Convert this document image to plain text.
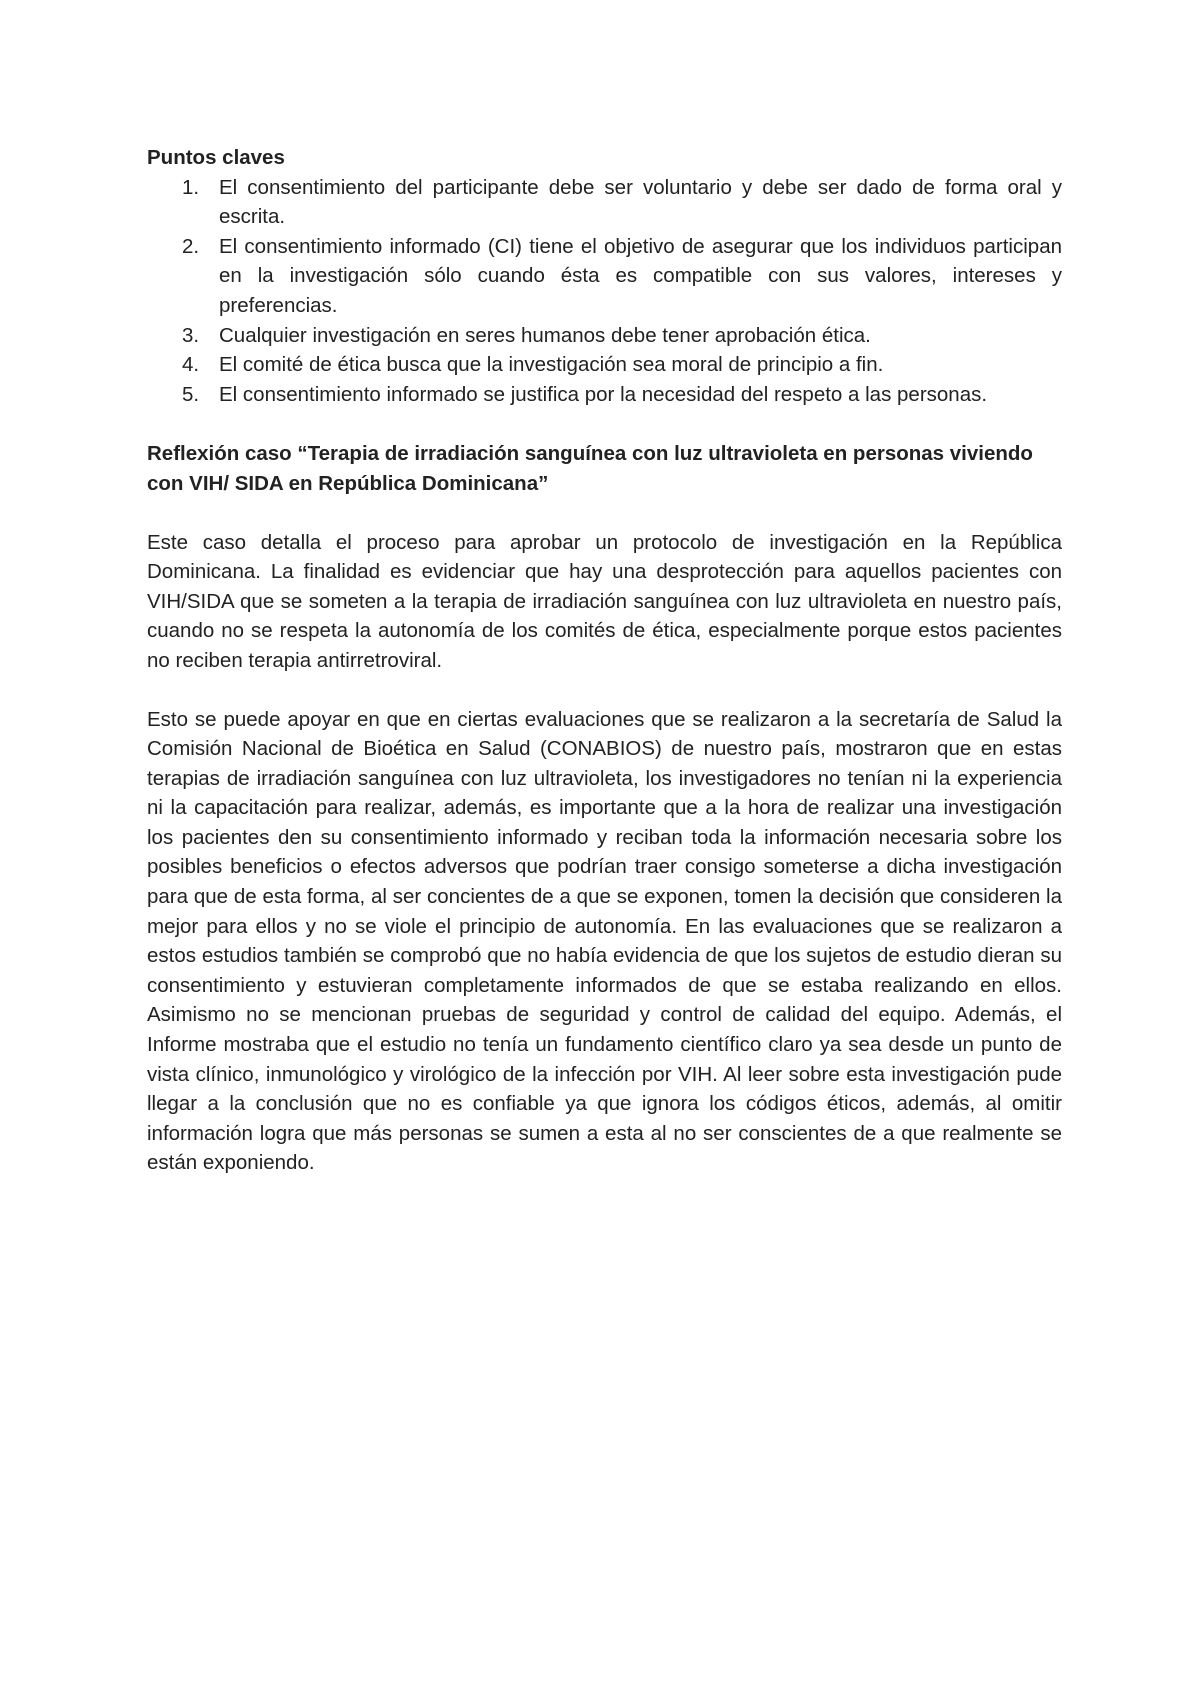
Puntos claves

1. El consentimiento del participante debe ser voluntario y debe ser dado de forma oral y escrita.
2. El consentimiento informado (CI) tiene el objetivo de asegurar que los individuos participan en la investigación sólo cuando ésta es compatible con sus valores, intereses y preferencias.
3. Cualquier investigación en seres humanos debe tener aprobación ética.
4. El comité de ética busca que la investigación sea moral de principio a fin.
5. El consentimiento informado se justifica por la necesidad del respeto a las personas.

Reflexión caso “Terapia de irradiación sanguínea con luz ultravioleta en personas viviendo con VIH/ SIDA en República Dominicana”

Este caso detalla el proceso para aprobar un protocolo de investigación en la República Dominicana. La finalidad es evidenciar que hay una desprotección para aquellos pacientes con VIH/SIDA que se someten a la terapia de irradiación sanguínea con luz ultravioleta en nuestro país, cuando no se respeta la autonomía de los comités de ética, especialmente porque estos pacientes no reciben terapia antirretroviral.

Esto se puede apoyar en que en ciertas evaluaciones que se realizaron a la secretaría de Salud la Comisión Nacional de Bioética en Salud (CONABIOS) de nuestro país, mostraron que en estas terapias de irradiación sanguínea con luz ultravioleta, los investigadores no tenían ni la experiencia ni la capacitación para realizar, además, es importante que a la hora de realizar una investigación los pacientes den su consentimiento informado y reciban toda la información necesaria sobre los posibles beneficios o efectos adversos que podrían traer consigo someterse a dicha investigación para que de esta forma, al ser concientes de a que se exponen, tomen la decisión que consideren la mejor para ellos y no se viole el principio de autonomía. En las evaluaciones que se realizaron a estos estudios también se comprobó que no había evidencia de que los sujetos de estudio dieran su consentimiento y estuvieran completamente informados de que se estaba realizando en ellos. Asimismo no se mencionan pruebas de seguridad y control de calidad del equipo. Además, el Informe mostraba que el estudio no tenía un fundamento científico claro ya sea desde un punto de vista clínico, inmunológico y virológico de la infección por VIH. Al leer sobre esta investigación pude llegar a la conclusión que no es confiable ya que ignora los códigos éticos, además, al omitir información logra que más personas se sumen a esta al no ser conscientes de a que realmente se están exponiendo.
